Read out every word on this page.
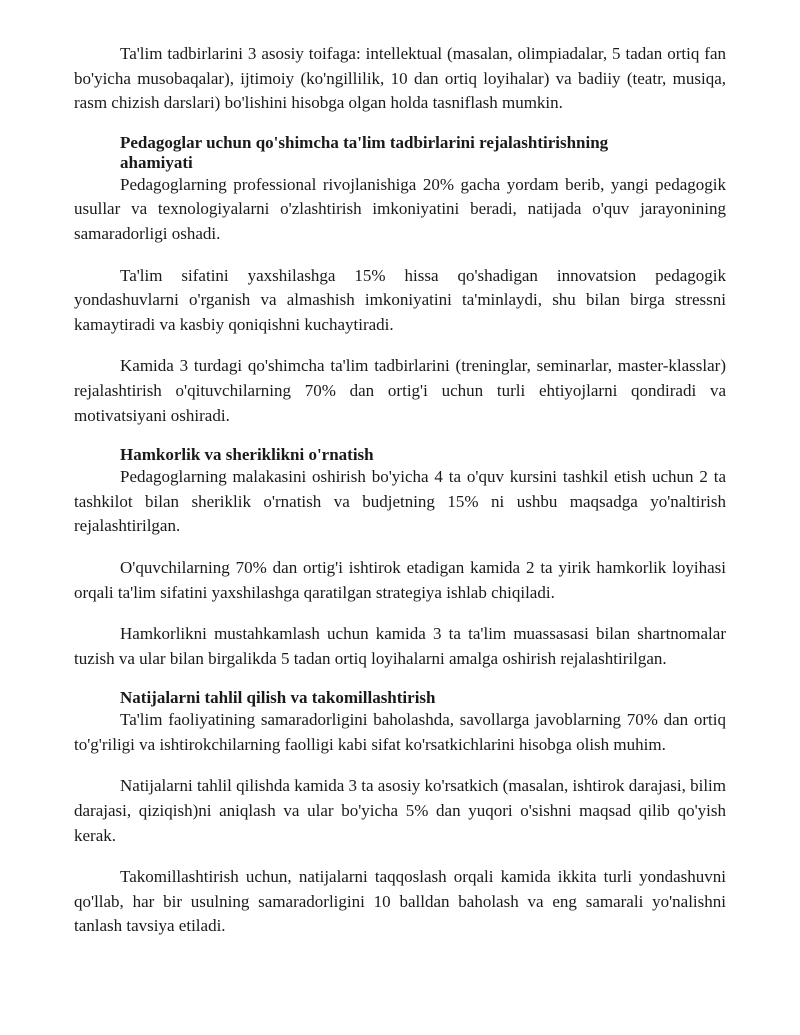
Ta'lim tadbirlarini 3 asosiy toifaga: intellektual (masalan, olimpiadalar, 5 tadan ortiq fan bo'yicha musobaqalar), ijtimoiy (ko'ngillilik, 10 dan ortiq loyihalar) va badiiy (teatr, musiqa, rasm chizish darslari) bo'lishini hisobga olgan holda tasniflash mumkin.

Pedagoglar uchun qo'shimcha ta'lim tadbirlarini rejalashtirishning
ahamiyati

Pedagoglarning professional rivojlanishiga 20% gacha yordam berib, yangi pedagogik usullar va texnologiyalarni o'zlashtirish imkoniyatini beradi, natijada o'quv jarayonining samaradorligi oshadi.

Ta'lim sifatini yaxshilashga 15% hissa qo'shadigan innovatsion pedagogik yondashuvlarni o'rganish va almashish imkoniyatini ta'minlaydi, shu bilan birga stressni kamaytiradi va kasbiy qoniqishni kuchaytiradi.

Kamida 3 turdagi qo'shimcha ta'lim tadbirlarini (treninglar, seminarlar, master-klasslar) rejalashtirish o'qituvchilarning 70% dan ortig'i uchun turli ehtiyojlarni qondiradi va motivatsiyani oshiradi.

Hamkorlik va sheriklikni o'rnatish

Pedagoglarning malakasini oshirish bo'yicha 4 ta o'quv kursini tashkil etish uchun 2 ta tashkilot bilan sheriklik o'rnatish va budjetning 15% ni ushbu maqsadga yo'naltirish rejalashtirilgan.

O'quvchilarning 70% dan ortig'i ishtirok etadigan kamida 2 ta yirik hamkorlik loyihasi orqali ta'lim sifatini yaxshilashga qaratilgan strategiya ishlab chiqiladi.

Hamkorlikni mustahkamlash uchun kamida 3 ta ta'lim muassasasi bilan shartnomalar tuzish va ular bilan birgalikda 5 tadan ortiq loyihalarni amalga oshirish rejalashtirilgan.

Natijalarni tahlil qilish va takomillashtirish

Ta'lim faoliyatining samaradorligini baholashda, savollarga javoblarning 70% dan ortiq to'g'riligi va ishtirokchilarning faolligi kabi sifat ko'rsatkichlarini hisobga olish muhim.

Natijalarni tahlil qilishda kamida 3 ta asosiy ko'rsatkich (masalan, ishtirok darajasi, bilim darajasi, qiziqish)ni aniqlash va ular bo'yicha 5% dan yuqori o'sishni maqsad qilib qo'yish kerak.

Takomillashtirish uchun, natijalarni taqqoslash orqali kamida ikkita turli yondashuvni qo'llab, har bir usulning samaradorligini 10 balldan baholash va eng samarali yo'nalishni tanlash tavsiya etiladi.
